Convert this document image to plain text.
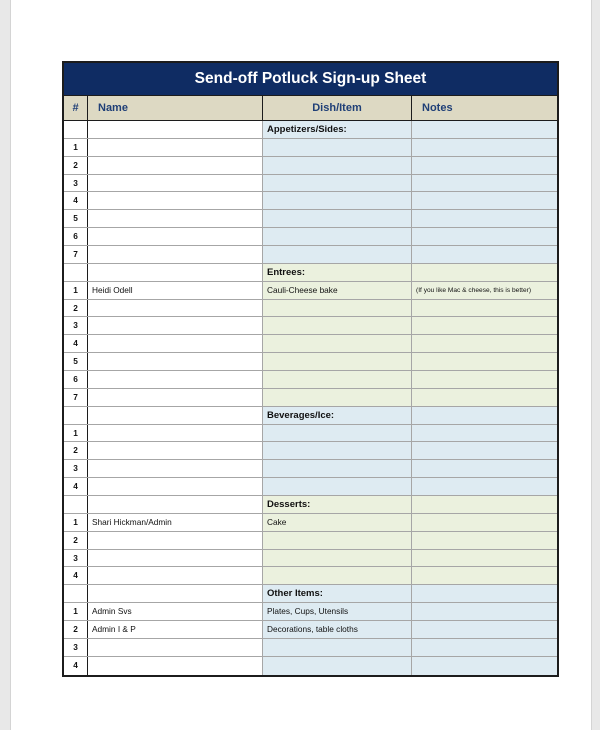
Send-off Potluck Sign-up Sheet
#	Name	Dish/Item	Notes
Appetizers/Sides:
1
2
3
4
5
6
7
Entrees:
1	Heidi Odell	Cauli-Cheese bake	(If you like Mac & cheese, this is better)
2
3
4
5
6
7
Beverages/Ice:
1
2
3
4
Desserts:
1	Shari Hickman/Admin	Cake
2
3
4
Other Items:
1	Admin Svs	Plates, Cups, Utensils
2	Admin I & P	Decorations, table cloths
3
4
